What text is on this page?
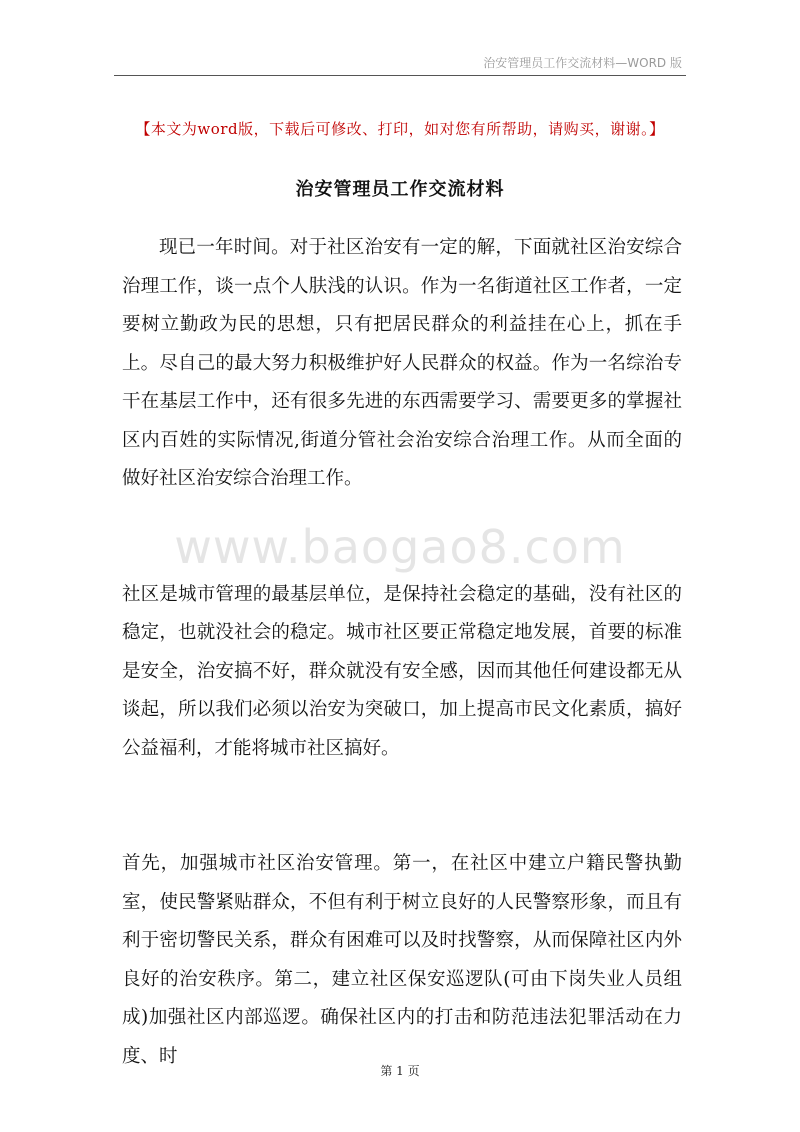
治安管理员工作交流材料—WORD 版
【本文为word版，下载后可修改、打印，如对您有所帮助，请购买，谢谢。】
治安管理员工作交流材料
www.baogao8.com

现已一年时间。对于社区治安有一定的解，下面就社区治安综合治理工作，谈一点个人肤浅的认识。作为一名街道社区工作者，一定要树立勤政为民的思想，只有把居民群众的利益挂在心上，抓在手上。尽自己的最大努力积极维护好人民群众的权益。作为一名综治专干在基层工作中，还有很多先进的东西需要学习、需要更多的掌握社区内百姓的实际情况,街道分管社会治安综合治理工作。从而全面的做好社区治安综合治理工作。

社区是城市管理的最基层单位，是保持社会稳定的基础，没有社区的稳定，也就没社会的稳定。城市社区要正常稳定地发展，首要的标准是安全，治安搞不好，群众就没有安全感，因而其他任何建设都无从谈起，所以我们必须以治安为突破口，加上提高市民文化素质，搞好公益福利，才能将城市社区搞好。

首先，加强城市社区治安管理。第一，在社区中建立户籍民警执勤室，使民警紧贴群众，不但有利于树立良好的人民警察形象，而且有利于密切警民关系，群众有困难可以及时找警察，从而保障社区内外良好的治安秩序。第二，建立社区保安巡逻队(可由下岗失业人员组成)加强社区内部巡逻。确保社区内的打击和防范违法犯罪活动在力度、时

第 1 页
